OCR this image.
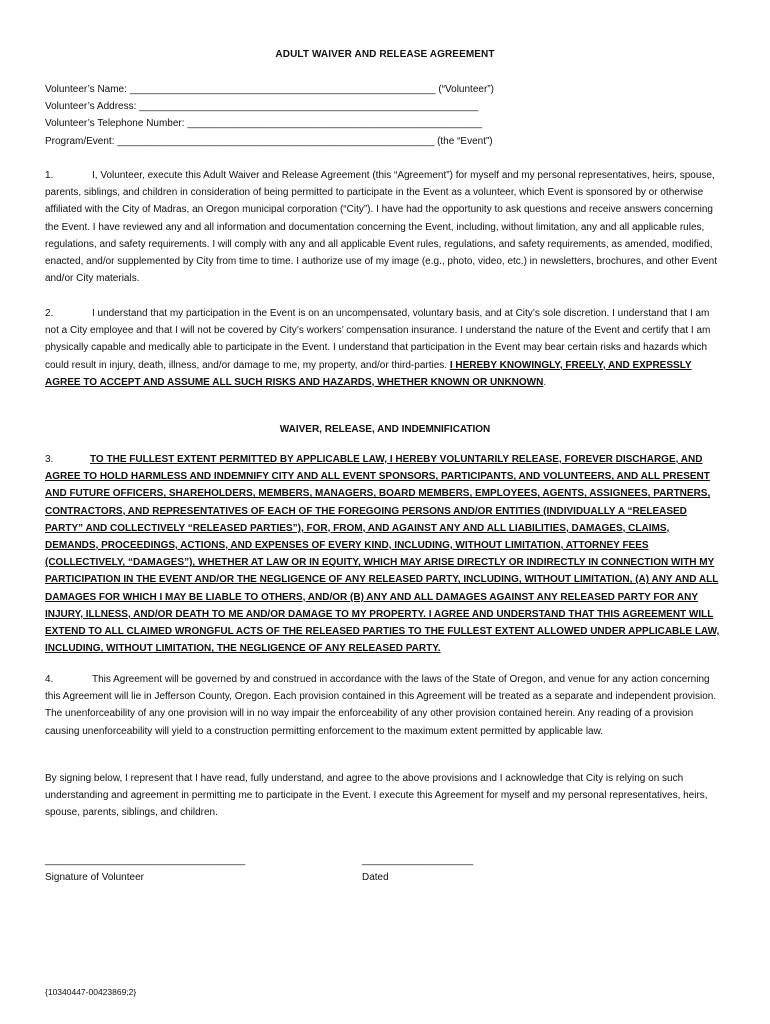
ADULT WAIVER AND RELEASE AGREEMENT
Volunteer’s Name: _______________________________________________________ (“Volunteer”)
Volunteer’s Address: _____________________________________________________________
Volunteer’s Telephone Number: _____________________________________________________
Program/Event: _________________________________________________________ (the “Event”)
1.	I, Volunteer, execute this Adult Waiver and Release Agreement (this “Agreement”) for myself and my personal representatives, heirs, spouse, parents, siblings, and children in consideration of being permitted to participate in the Event as a volunteer, which Event is sponsored by or otherwise affiliated with the City of Madras, an Oregon municipal corporation (“City”). I have had the opportunity to ask questions and receive answers concerning the Event. I have reviewed any and all information and documentation concerning the Event, including, without limitation, any and all applicable rules, regulations, and safety requirements. I will comply with any and all applicable Event rules, regulations, and safety requirements, as amended, modified, enacted, and/or supplemented by City from time to time. I authorize use of my image (e.g., photo, video, etc.) in newsletters, brochures, and other Event and/or City materials.
2.	I understand that my participation in the Event is on an uncompensated, voluntary basis, and at City’s sole discretion. I understand that I am not a City employee and that I will not be covered by City’s workers’ compensation insurance. I understand the nature of the Event and certify that I am physically capable and medically able to participate in the Event. I understand that participation in the Event may bear certain risks and hazards which could result in injury, death, illness, and/or damage to me, my property, and/or third-parties. I HEREBY KNOWINGLY, FREELY, AND EXPRESSLY AGREE TO ACCEPT AND ASSUME ALL SUCH RISKS AND HAZARDS, WHETHER KNOWN OR UNKNOWN.
WAIVER, RELEASE, AND INDEMNIFICATION
3.	TO THE FULLEST EXTENT PERMITTED BY APPLICABLE LAW, I HEREBY VOLUNTARILY RELEASE, FOREVER DISCHARGE, AND AGREE TO HOLD HARMLESS AND INDEMNIFY CITY AND ALL EVENT SPONSORS, PARTICIPANTS, AND VOLUNTEERS, AND ALL PRESENT AND FUTURE OFFICERS, SHAREHOLDERS, MEMBERS, MANAGERS, BOARD MEMBERS, EMPLOYEES, AGENTS, ASSIGNEES, PARTNERS, CONTRACTORS, AND REPRESENTATIVES OF EACH OF THE FOREGOING PERSONS AND/OR ENTITIES (INDIVIDUALLY A “RELEASED PARTY” AND COLLECTIVELY “RELEASED PARTIES”), FOR, FROM, AND AGAINST ANY AND ALL LIABILITIES, DAMAGES, CLAIMS, DEMANDS, PROCEEDINGS, ACTIONS, AND EXPENSES OF EVERY KIND, INCLUDING, WITHOUT LIMITATION, ATTORNEY FEES (COLLECTIVELY, “DAMAGES”), WHETHER AT LAW OR IN EQUITY, WHICH MAY ARISE DIRECTLY OR INDIRECTLY IN CONNECTION WITH MY PARTICIPATION IN THE EVENT AND/OR THE NEGLIGENCE OF ANY RELEASED PARTY, INCLUDING, WITHOUT LIMITATION, (A) ANY AND ALL DAMAGES FOR WHICH I MAY BE LIABLE TO OTHERS, AND/OR (B) ANY AND ALL DAMAGES AGAINST ANY RELEASED PARTY FOR ANY INJURY, ILLNESS, AND/OR DEATH TO ME AND/OR DAMAGE TO MY PROPERTY. I AGREE AND UNDERSTAND THAT THIS AGREEMENT WILL EXTEND TO ALL CLAIMED WRONGFUL ACTS OF THE RELEASED PARTIES TO THE FULLEST EXTENT ALLOWED UNDER APPLICABLE LAW, INCLUDING, WITHOUT LIMITATION, THE NEGLIGENCE OF ANY RELEASED PARTY.
4.	This Agreement will be governed by and construed in accordance with the laws of the State of Oregon, and venue for any action concerning this Agreement will lie in Jefferson County, Oregon. Each provision contained in this Agreement will be treated as a separate and independent provision. The unenforceability of any one provision will in no way impair the enforceability of any other provision contained herein. Any reading of a provision causing unenforceability will yield to a construction permitting enforcement to the maximum extent permitted by applicable law.
By signing below, I represent that I have read, fully understand, and agree to the above provisions and I acknowledge that City is relying on such understanding and agreement in permitting me to participate in the Event. I execute this Agreement for myself and my personal representatives, heirs, spouse, parents, siblings, and children.
____________________________________
Signature of Volunteer
____________________
Dated
{10340447-00423869;2}
